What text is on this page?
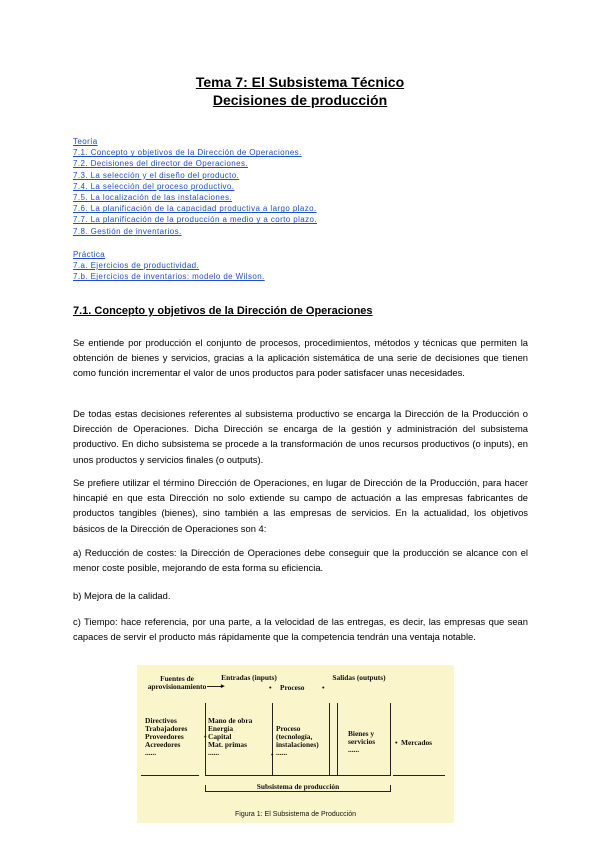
Tema 7: El Subsistema Técnico
Decisiones de producción
Teoría
7.1. Concepto y objetivos de la Dirección de Operaciones.
7.2. Decisiones del director de Operaciones.
7.3. La selección y el diseño del producto.
7.4. La selección del proceso productivo.
7.5. La localización de las instalaciones.
7.6. La planificación de la capacidad productiva a largo plazo.
7.7. La planificación de la producción a medio y a corto plazo.
7.8. Gestión de inventarios.
Práctica
7.a. Ejercicios de productividad.
7.b. Ejercicios de inventarios: modelo de Wilson.
7.1. Concepto y objetivos de la Dirección de Operaciones

Se entiende por producción el conjunto de procesos, procedimientos, métodos y técnicas que permiten la obtención de bienes y servicios, gracias a la aplicación sistemática de una serie de decisiones que tienen como función incrementar el valor de unos productos para poder satisfacer unas necesidades.

De todas estas decisiones referentes al subsistema productivo se encarga la Dirección de la Producción o Dirección de Operaciones. Dicha Dirección se encarga de la gestión y administración del subsistema productivo. En dicho subsistema se procede a la transformación de unos recursos productivos (o inputs), en unos productos y servicios finales (o outputs).

Se prefiere utilizar el término Dirección de Operaciones, en lugar de Dirección de la Producción, para hacer hincapié en que esta Dirección no solo extiende su campo de actuación a las empresas fabricantes de productos tangibles (bienes), sino también a las empresas de servicios. En la actualidad, los objetivos básicos de la Dirección de Operaciones son 4:

a) Reducción de costes: la Dirección de Operaciones debe conseguir que la producción se alcance con el menor coste posible, mejorando de esta forma su eficiencia.

b) Mejora de la calidad.

c) Tiempo: hace referencia, por una parte, a la velocidad de las entregas, es decir, las empresas que sean capaces de servir el producto más rápidamente que la competencia tendrán una ventaja notable.

Fuentes de aprovisionamiento	▸
Entradas (inputs)
• Proceso •
Salidas (outputs)
Directivos
Trabajadores
Proveedores
Acreedores
......
Mano de obra
Energía
Capital
Mat. primas
......
•
Proceso
(tecnología,
instalaciones)
......
•
Bienes y
servicios
......
• Mercados
Subsistema de producción
Figura 1: El Subsistema de Producción
